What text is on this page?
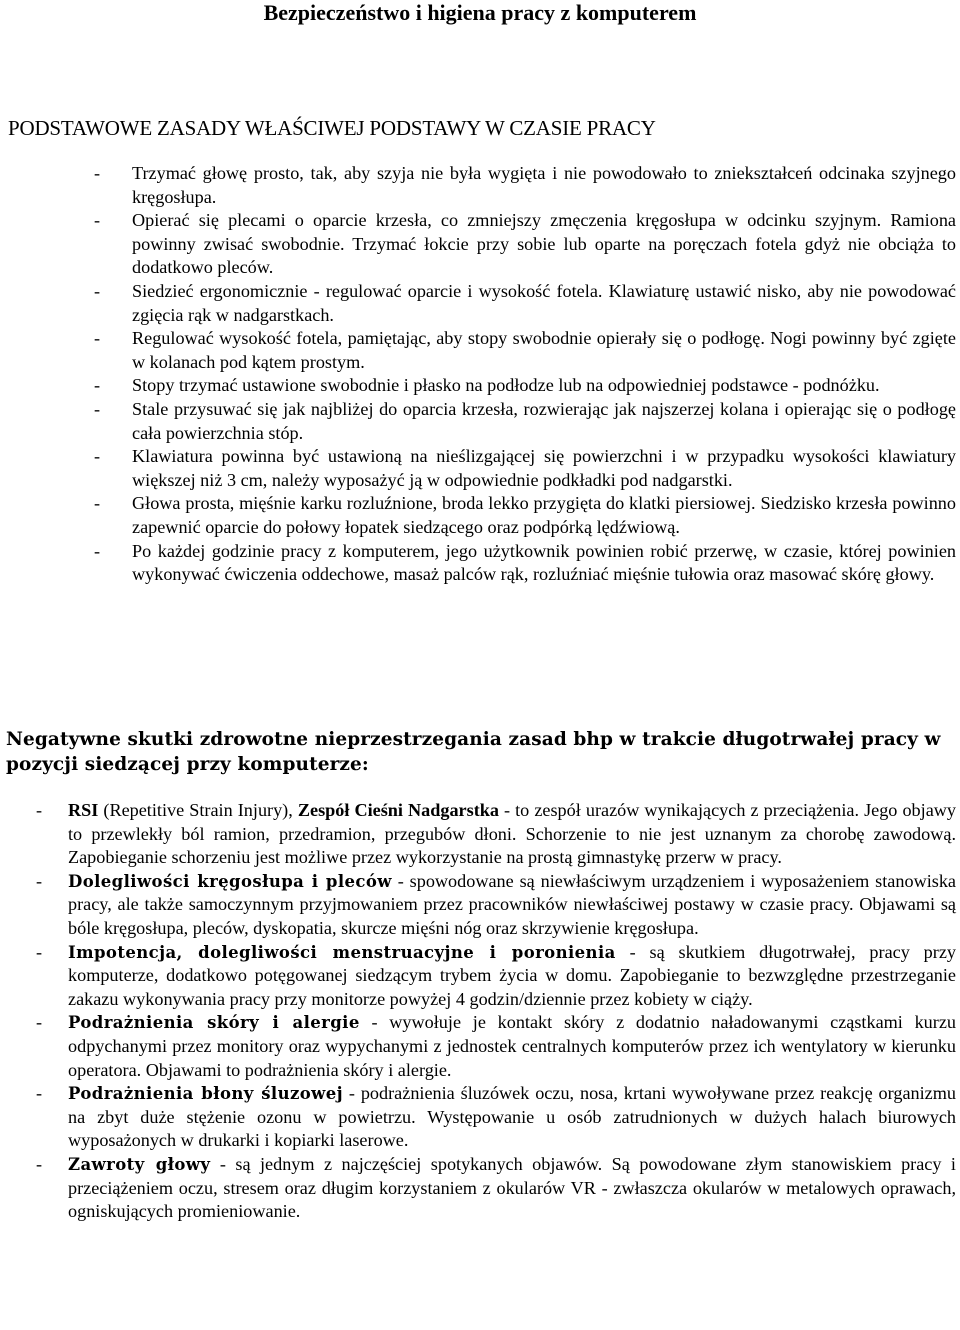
Bezpieczeństwo i higiena pracy z komputerem
PODSTAWOWE ZASADY WŁAŚCIWEJ PODSTAWY W CZASIE PRACY
- Trzymać głowę prosto, tak, aby szyja nie była wygięta i nie powodowało to zniekształceń odcinaka szyjnego kręgosłupa.
- Opierać się plecami o oparcie krzesła, co zmniejszy zmęczenia kręgosłupa w odcinku szyjnym. Ramiona powinny zwisać swobodnie. Trzymać łokcie przy sobie lub oparte na poręczach fotela gdyż nie obciąża to dodatkowo pleców.
- Siedzieć ergonomicznie - regulować oparcie i wysokość fotela. Klawiaturę ustawić nisko, aby nie powodować zgięcia rąk w nadgarstkach.
- Regulować wysokość fotela, pamiętając, aby stopy swobodnie opierały się o podłogę. Nogi powinny być zgięte w kolanach pod kątem prostym.
- Stopy trzymać ustawione swobodnie i płasko na podłodze lub na odpowiedniej podstawce - podnóżku.
- Stale przysuwać się jak najbliżej do oparcia krzesła, rozwierając jak najszerzej kolana i opierając się o podłogę cała powierzchnia stóp.
- Klawiatura powinna być ustawioną na nieślizgającej się powierzchni i w przypadku wysokości klawiatury większej niż 3 cm, należy wyposażyć ją w odpowiednie podkładki pod nadgarstki.
- Głowa prosta, mięśnie karku rozluźnione, broda lekko przygięta do klatki piersiowej. Siedzisko krzesła powinno zapewnić oparcie do połowy łopatek siedzącego oraz podpórką lędźwiową.
- Po każdej godzinie pracy z komputerem, jego użytkownik powinien robić przerwę, w czasie, której powinien wykonywać ćwiczenia oddechowe, masaż palców rąk, rozluźniać mięśnie tułowia oraz masować skórę głowy.
Negatywne skutki zdrowotne nieprzestrzegania zasad bhp w trakcie długotrwałej pracy w pozycji siedzącej przy komputerze:
- RSI (Repetitive Strain Injury), Zespół Cieśni Nadgarstka - to zespół urazów wynikających z przeciążenia. Jego objawy to przewlekły ból ramion, przedramion, przegubów dłoni. Schorzenie to nie jest uznanym za chorobę zawodową. Zapobieganie schorzeniu jest możliwe przez wykorzystanie na prostą gimnastykę przerw w pracy.
- Dolegliwości kręgosłupa i pleców - spowodowane są niewłaściwym urządzeniem i wyposażeniem stanowiska pracy, ale także samoczynnym przyjmowaniem przez pracowników niewłaściwej postawy w czasie pracy. Objawami są bóle kręgosłupa, pleców, dyskopatia, skurcze mięśni nóg oraz skrzywienie kręgosłupa.
- Impotencja, dolegliwości menstruacyjne i poronienia - są skutkiem długotrwałej, pracy przy komputerze, dodatkowo potęgowanej siedzącym trybem życia w domu. Zapobieganie to bezwzględne przestrzeganie zakazu wykonywania pracy przy monitorze powyżej 4 godzin/dziennie przez kobiety w ciąży.
- Podrażnienia skóry i alergie - wywołuje je kontakt skóry z dodatnio naładowanymi cząstkami kurzu odpychanymi przez monitory oraz wypychanymi z jednostek centralnych komputerów przez ich wentylatory w kierunku operatora. Objawami to podrażnienia skóry i alergie.
- Podrażnienia błony śluzowej - podrażnienia śluzówek oczu, nosa, krtani wywoływane przez reakcję organizmu na zbyt duże stężenie ozonu w powietrzu. Występowanie u osób zatrudnionych w dużych halach biurowych wyposażonych w drukarki i kopiarki laserowe.
- Zawroty głowy - są jednym z najczęściej spotykanych objawów. Są powodowane złym stanowiskiem pracy i przeciążeniem oczu, stresem oraz długim korzystaniem z okularów VR - zwłaszcza okularów w metalowych oprawach, ogniskujących promieniowanie.
